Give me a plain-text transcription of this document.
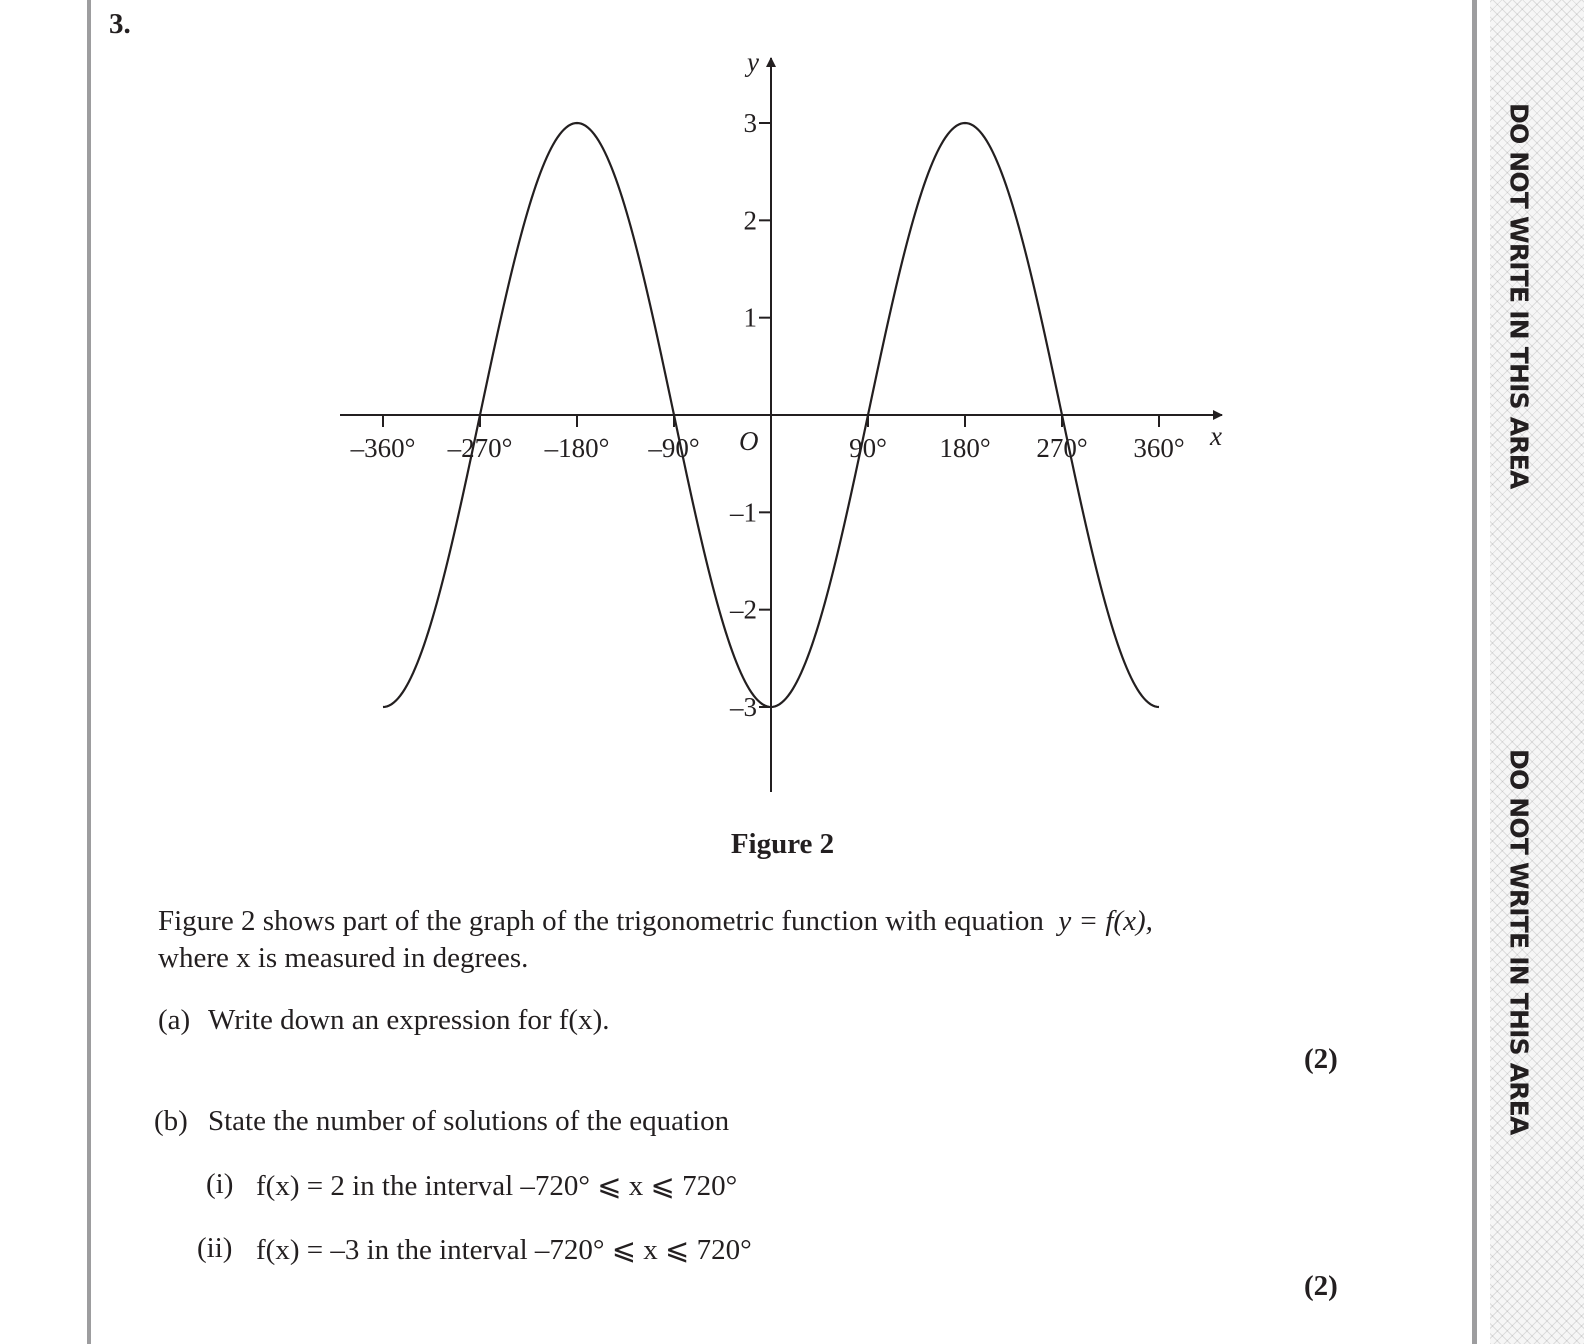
DO NOT WRITE IN THIS AREA
DO NOT WRITE IN THIS AREA
3.
–360° –270° –180° –90°	90° 180° 270° 360°
3
2
1
–1
–2
–3
x
y
O
Figure 2
Figure 2 shows part of the graph of the trigonometric function with equation y = f(x),
where x is measured in degrees.
(a) Write down an expression for f(x).
(2)
(b) State the number of solutions of the equation
(i) f(x) = 2 in the interval –720° ⩽ x ⩽ 720°
(ii) f(x) = –3 in the interval –720° ⩽ x ⩽ 720°
(2)
